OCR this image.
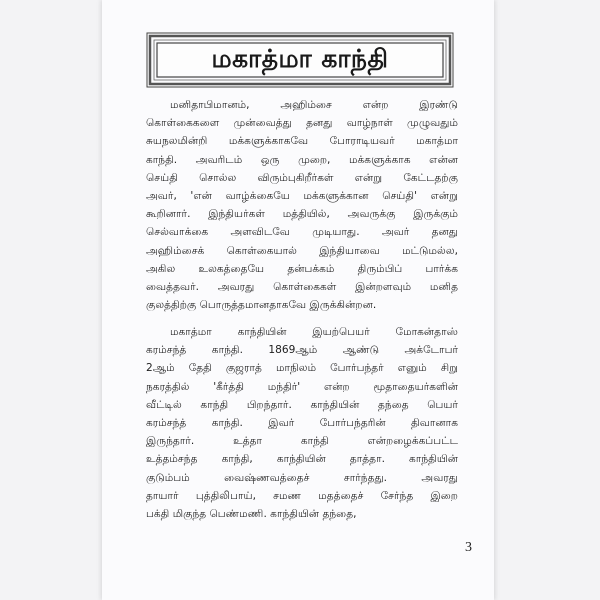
மகாத்மா காந்தி
மனிதாபிமானம், அஹிம்சை என்ற இரண்டு
கொள்கைகளை முன்வைத்து தனது வாழ்நாள் முழுவதும்
சுயநலமின்றி மக்களுக்காகவே போராடியவர் மகாத்மா
காந்தி. அவரிடம் ஒரு முறை, மக்களுக்காக என்ன
செய்தி சொல்ல விரும்புகிறீர்கள் என்று கேட்டதற்கு
அவர், 'என் வாழ்க்கையே மக்களுக்கான செய்தி' என்று
கூறினார். இந்தியர்கள் மத்தியில், அவருக்கு இருக்கும்
செல்வாக்கை அளவிடவே முடியாது. அவர் தனது
அஹிம்சைக் கொள்கையால் இந்தியாவை மட்டுமல்ல,
அகில உலகத்தையே தன்பக்கம் திரும்பிப் பார்க்க
வைத்தவர். அவரது கொள்கைகள் இன்றளவும் மனித
குலத்திற்கு பொருத்தமானதாகவே இருக்கின்றன.
மகாத்மா காந்தியின் இயற்பெயர் மோகன்தாஸ்
கரம்சந்த் காந்தி. 1869ஆம் ஆண்டு அக்டோபர்
2ஆம் தேதி குஜராத் மாநிலம் போர்பந்தர் எனும் சிறு
நகரத்தில் 'கீர்த்தி மந்திர்' என்ற மூதாதையர்களின்
வீட்டில் காந்தி பிறந்தார். காந்தியின் தந்தை பெயர்
கரம்சந்த் காந்தி. இவர் போர்பந்தரின் திவானாக
இருந்தார். உத்தா காந்தி என்றழைக்கப்பட்ட
உத்தம்சந்த காந்தி, காந்தியின் தாத்தா. காந்தியின்
குடும்பம் வைஷ்ணவத்தைச் சார்ந்தது. அவரது
தாயார் புத்திலிபாய், சமண மதத்தைச் சேர்ந்த இறை
பக்தி மிகுந்த பெண்மணி. காந்தியின் தந்தை,
3
